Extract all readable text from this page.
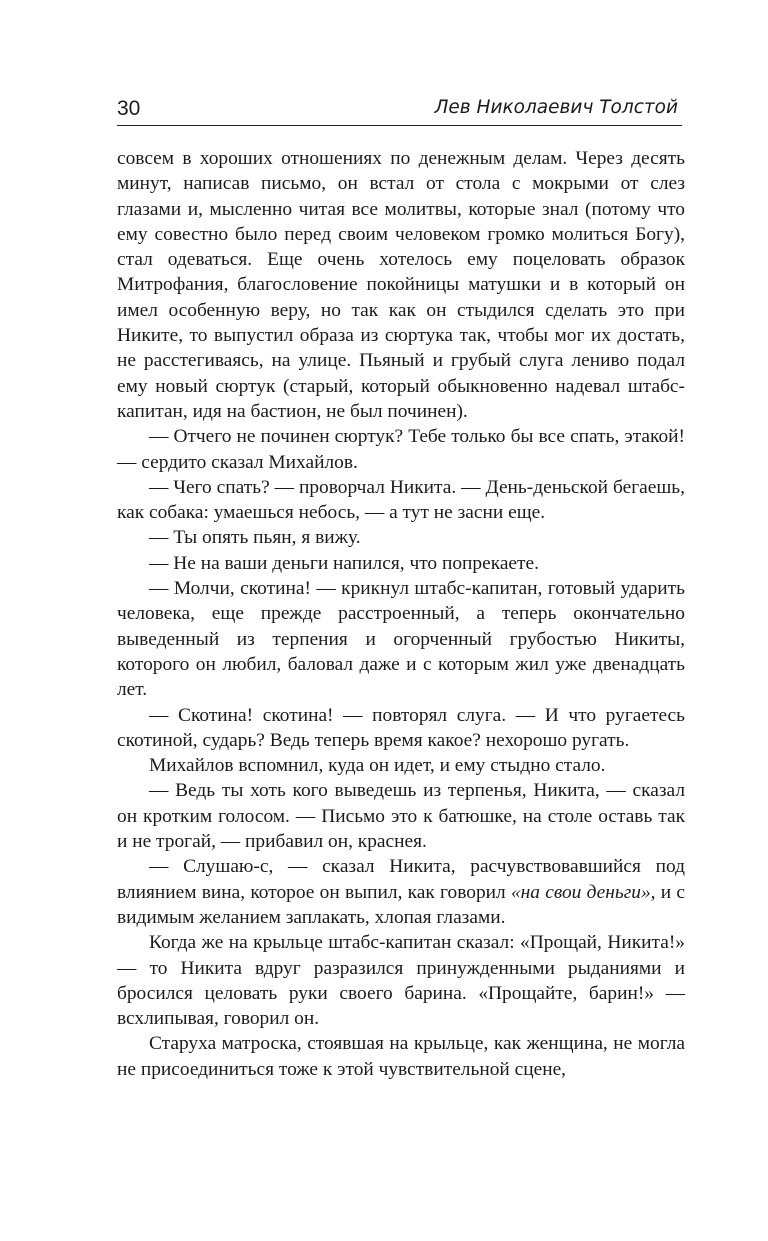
30	Лев Николаевич Толстой

совсем в хороших отношениях по денежным делам. Через десять минут, написав письмо, он встал от стола с мокрыми от слез глазами и, мысленно читая все молитвы, которые знал (потому что ему совестно было перед своим человеком громко молиться Богу), стал одеваться. Еще очень хотелось ему поцеловать образок Митрофания, благословение покойницы матушки и в который он имел особенную веру, но так как он стыдился сделать это при Никите, то выпустил образа из сюртука так, чтобы мог их достать, не расстегиваясь, на улице. Пьяный и грубый слуга лениво подал ему новый сюртук (старый, который обыкновенно надевал штабс-капитан, идя на бастион, не был починен).

— Отчего не починен сюртук? Тебе только бы все спать, этакой! — сердито сказал Михайлов.

— Чего спать? — проворчал Никита. — День-деньской бегаешь, как собака: умаешься небось, — а тут не засни еще.

— Ты опять пьян, я вижу.

— Не на ваши деньги напился, что попрекаете.

— Молчи, скотина! — крикнул штабс-капитан, готовый ударить человека, еще прежде расстроенный, а теперь окончательно выведенный из терпения и огорченный грубостью Никиты, которого он любил, баловал даже и с которым жил уже двенадцать лет.

— Скотина! скотина! — повторял слуга. — И что ругаетесь скотиной, сударь? Ведь теперь время какое? нехорошо ругать.

Михайлов вспомнил, куда он идет, и ему стыдно стало.

— Ведь ты хоть кого выведешь из терпенья, Никита, — сказал он кротким голосом. — Письмо это к батюшке, на столе оставь так и не трогай, — прибавил он, краснея.

— Слушаю-с, — сказал Никита, расчувствовавшийся под влиянием вина, которое он выпил, как говорил «на свои деньги», и с видимым желанием заплакать, хлопая глазами.

Когда же на крыльце штабс-капитан сказал: «Прощай, Никита!» — то Никита вдруг разразился принужденными рыданиями и бросился целовать руки своего барина. «Прощайте, барин!» — всхлипывая, говорил он.

Старуха матроска, стоявшая на крыльце, как женщина, не могла не присоединиться тоже к этой чувствительной сцене,
